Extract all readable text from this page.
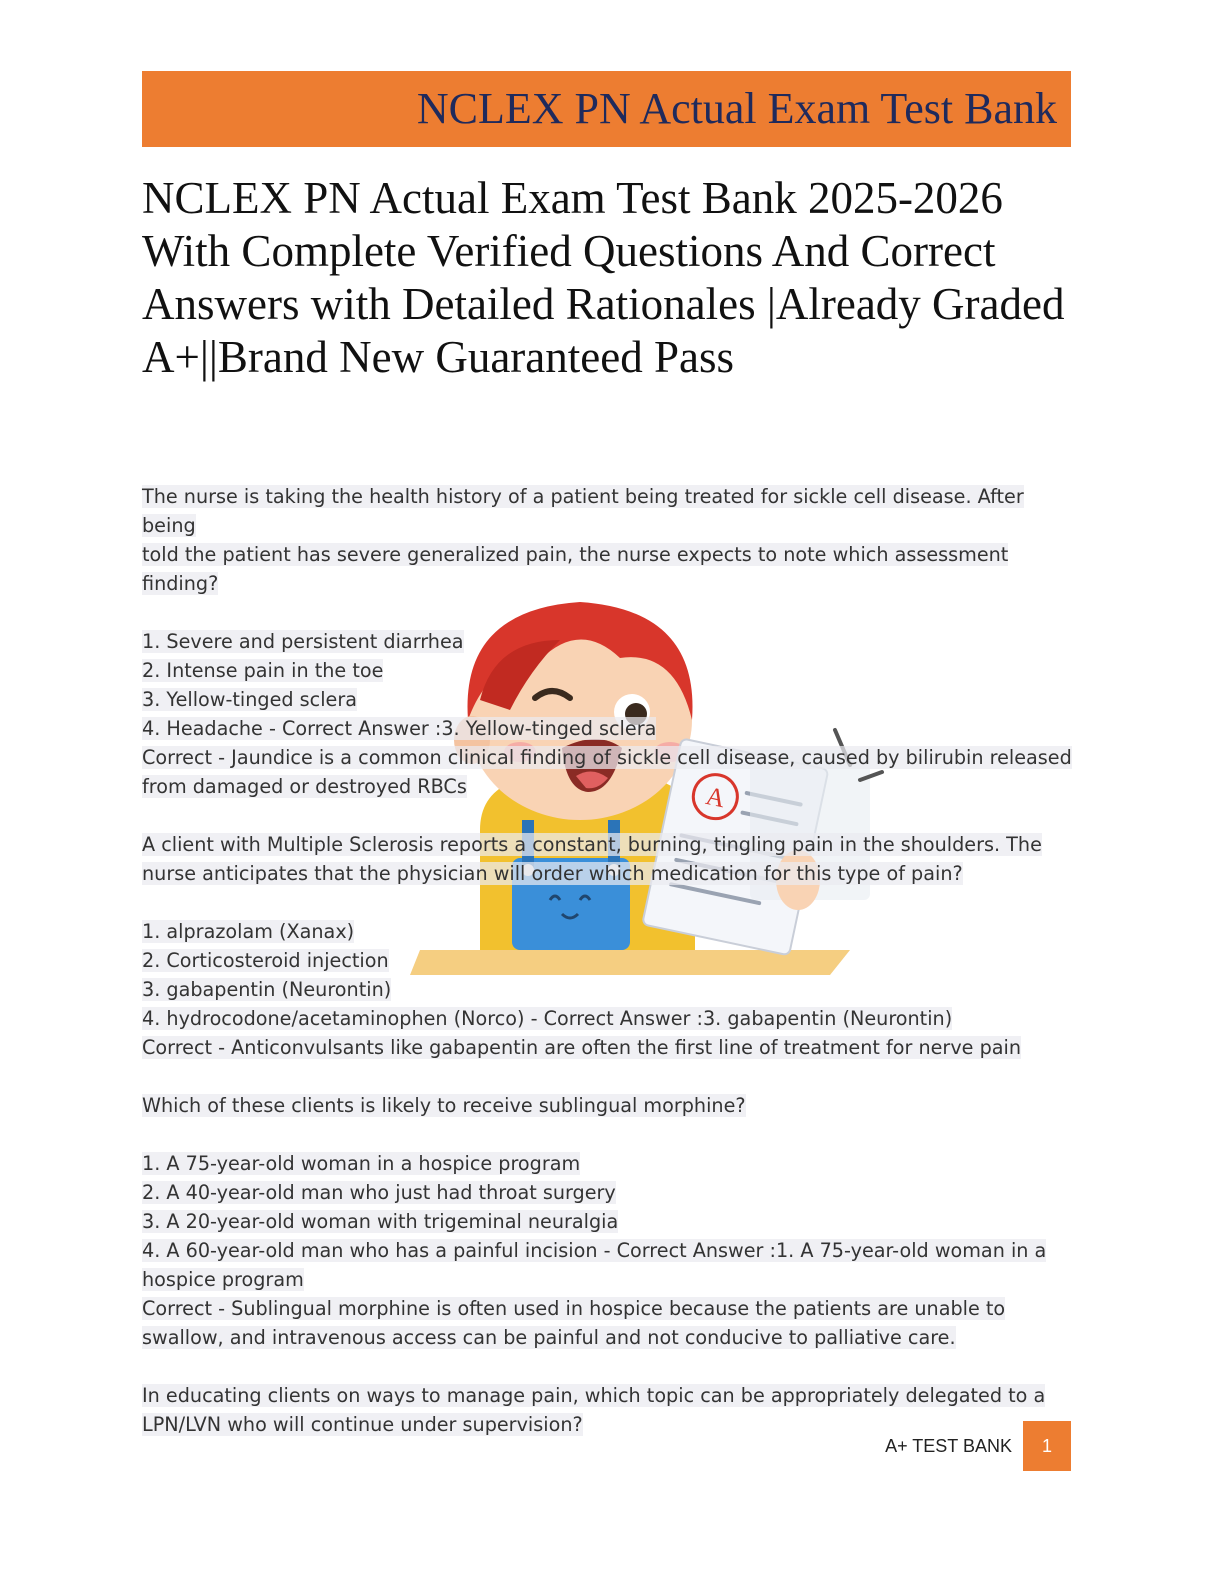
NCLEX PN Actual Exam Test Bank
NCLEX PN Actual Exam Test Bank 2025-2026 With Complete Verified Questions And Correct Answers with Detailed Rationales |Already Graded A+||Brand New Guaranteed Pass
A
The nurse is taking the health history of a patient being treated for sickle cell disease. After being
told the patient has severe generalized pain, the nurse expects to note which assessment
finding?
1. Severe and persistent diarrhea
2. Intense pain in the toe
3. Yellow-tinged sclera
4. Headache - Correct Answer :3. Yellow-tinged sclera
Correct - Jaundice is a common clinical finding of sickle cell disease, caused by bilirubin released
from damaged or destroyed RBCs
A client with Multiple Sclerosis reports a constant, burning, tingling pain in the shoulders. The
nurse anticipates that the physician will order which medication for this type of pain?
1. alprazolam (Xanax)
2. Corticosteroid injection
3. gabapentin (Neurontin)
4. hydrocodone/acetaminophen (Norco) - Correct Answer :3. gabapentin (Neurontin)
Correct - Anticonvulsants like gabapentin are often the first line of treatment for nerve pain
Which of these clients is likely to receive sublingual morphine?
1. A 75-year-old woman in a hospice program
2. A 40-year-old man who just had throat surgery
3. A 20-year-old woman with trigeminal neuralgia
4. A 60-year-old man who has a painful incision - Correct Answer :1. A 75-year-old woman in a
hospice program
Correct - Sublingual morphine is often used in hospice because the patients are unable to
swallow, and intravenous access can be painful and not conducive to palliative care.
In educating clients on ways to manage pain, which topic can be appropriately delegated to a
LPN/LVN who will continue under supervision?
A+ TEST BANK	1
